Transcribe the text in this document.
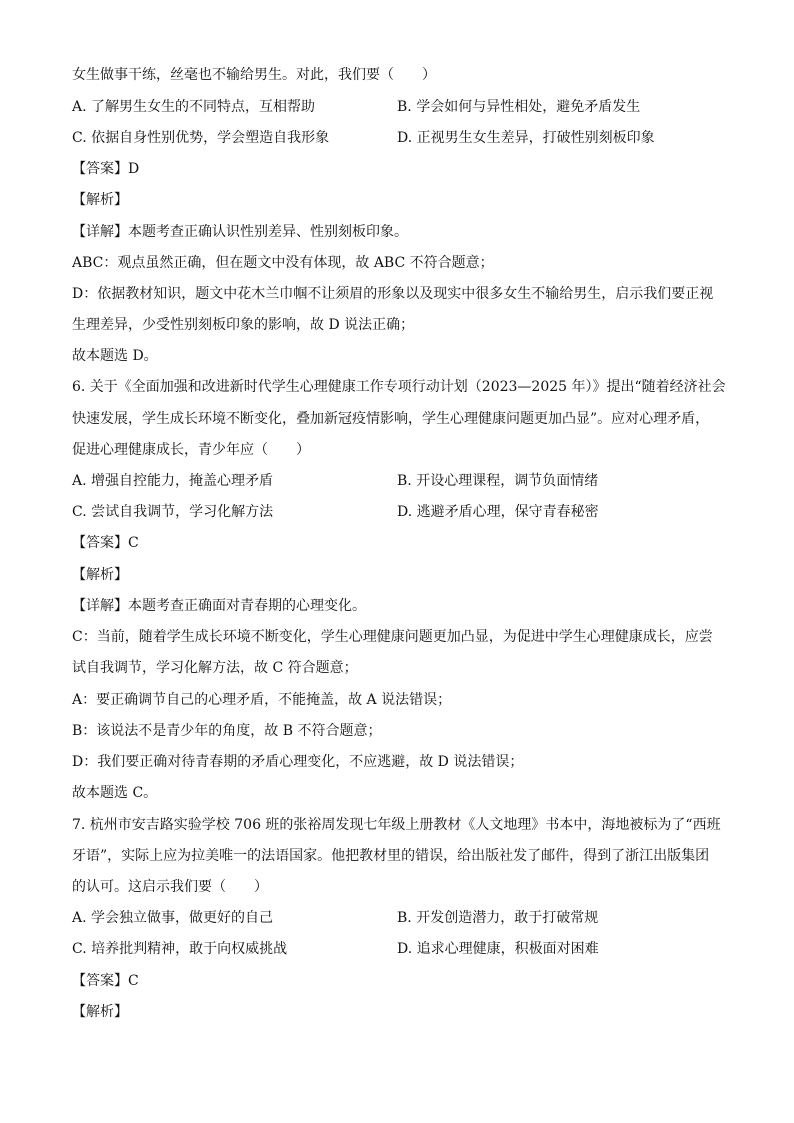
女生做事干练，丝毫也不输给男生。对此，我们要（　　）
A. 了解男生女生的不同特点，互相帮助	B. 学会如何与异性相处，避免矛盾发生
C. 依据自身性别优势，学会塑造自我形象	D. 正视男生女生差异，打破性别刻板印象
【答案】D
【解析】
【详解】本题考查正确认识性别差异、性别刻板印象。
ABC：观点虽然正确，但在题文中没有体现，故 ABC 不符合题意；
D：依据教材知识，题文中花木兰巾帼不让须眉的形象以及现实中很多女生不输给男生，启示我们要正视
生理差异，少受性别刻板印象的影响，故 D 说法正确；
故本题选 D。
6. 关于《全面加强和改进新时代学生心理健康工作专项行动计划（2023—2025 年）》提出“随着经济社会
快速发展，学生成长环境不断变化，叠加新冠疫情影响，学生心理健康问题更加凸显”。应对心理矛盾，
促进心理健康成长，青少年应（　　）
A. 增强自控能力，掩盖心理矛盾	B. 开设心理课程，调节负面情绪
C. 尝试自我调节，学习化解方法	D. 逃避矛盾心理，保守青春秘密
【答案】C
【解析】
【详解】本题考查正确面对青春期的心理变化。
C：当前，随着学生成长环境不断变化，学生心理健康问题更加凸显，为促进中学生心理健康成长，应尝
试自我调节，学习化解方法，故 C 符合题意；
A：要正确调节自己的心理矛盾，不能掩盖，故 A 说法错误；
B：该说法不是青少年的角度，故 B 不符合题意；
D：我们要正确对待青春期的矛盾心理变化，不应逃避，故 D 说法错误；
故本题选 C。
7. 杭州市安吉路实验学校 706 班的张裕周发现七年级上册教材《人文地理》书本中，海地被标为了“西班
牙语”，实际上应为拉美唯一的法语国家。他把教材里的错误，给出版社发了邮件，得到了浙江出版集团
的认可。这启示我们要（　　）
A. 学会独立做事，做更好的自己	B. 开发创造潜力，敢于打破常规
C. 培养批判精神，敢于向权威挑战	D. 追求心理健康，积极面对困难
【答案】C
【解析】
